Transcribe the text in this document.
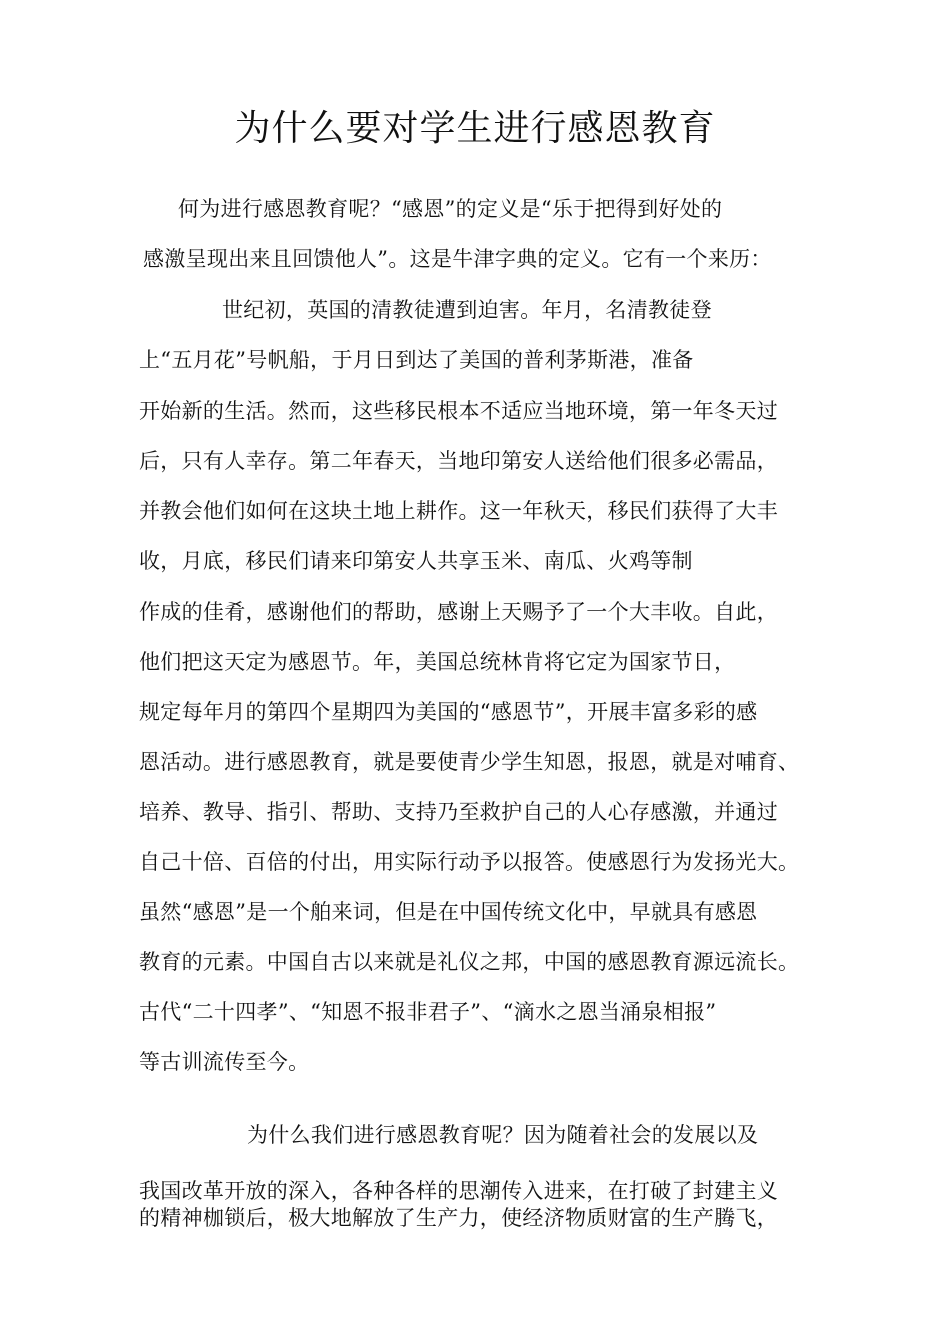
为什么要对学生进行感恩教育
何为进行感恩教育呢？“感恩”的定义是“乐于把得到好处的
感激呈现出来且回馈他人”。这是牛津字典的定义。它有一个来历：
世纪初，英国的清教徒遭到迫害。年月，名清教徒登
上“五月花”号帆船，于月日到达了美国的普利茅斯港，准备
开始新的生活。然而，这些移民根本不适应当地环境，第一年冬天过
后，只有人幸存。第二年春天，当地印第安人送给他们很多必需品，
并教会他们如何在这块土地上耕作。这一年秋天，移民们获得了大丰
收，月底，移民们请来印第安人共享玉米、南瓜、火鸡等制
作成的佳肴，感谢他们的帮助，感谢上天赐予了一个大丰收。自此，
他们把这天定为感恩节。年，美国总统林肯将它定为国家节日，
规定每年月的第四个星期四为美国的“感恩节”，开展丰富多彩的感
恩活动。进行感恩教育，就是要使青少学生知恩，报恩，就是对哺育、
培养、教导、指引、帮助、支持乃至救护自己的人心存感激，并通过
自己十倍、百倍的付出，用实际行动予以报答。使感恩行为发扬光大。
虽然“感恩”是一个舶来词，但是在中国传统文化中，早就具有感恩
教育的元素。中国自古以来就是礼仪之邦，中国的感恩教育源远流长。
古代“二十四孝”、“知恩不报非君子”、“滴水之恩当涌泉相报”
等古训流传至今。
为什么我们进行感恩教育呢？因为随着社会的发展以及
我国改革开放的深入，各种各样的思潮传入进来，在打破了封建主义
的精神枷锁后，极大地解放了生产力，使经济物质财富的生产腾飞，
